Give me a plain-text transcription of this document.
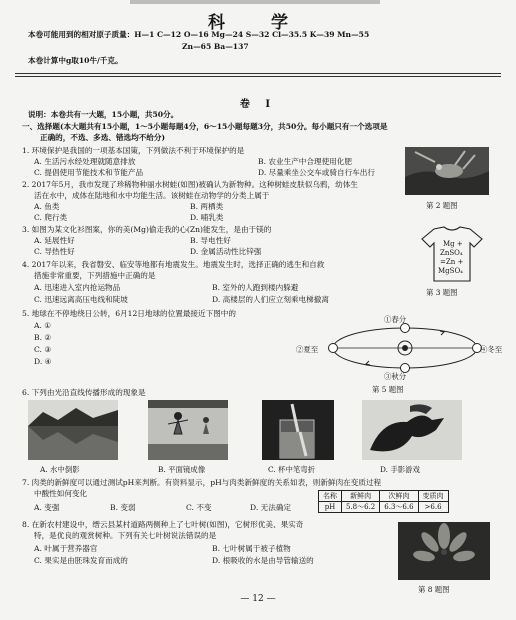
科 学
本卷可能用到的相对原子质量：H—1 C—12 O—16 Mg—24 S—32 Cl—35.5 K—39 Mn—55
Zn—65 Ba—137
本卷计算中g取10牛/千克。
卷 Ⅰ
说明：本卷共有一大题，15小题，共50分。
一、选择题(本大题共有15小题，1～5小题每题4分，6～15小题每题3分，共50分。每小题只有一个选项是
正确的，不选、多选、错选均不给分)
1. 环境保护是我国的一项基本国策，下列做法不利于环境保护的是
A. 生活污水经处理就随意排放	B. 农业生产中合理使用化肥
C. 提倡使用节能技术和节能产品	D. 尽量乘坐公交车或骑自行车出行
2. 2017年5月，我市发现了珍稀物种丽水树蛙(如图)被确认为新物种。这种树蛙皮肤似乌鸦，幼体生
活在水中，成体在陆地和水中均能生活。该树蛙在动物学的分类上属于
A. 鱼类	B. 两栖类
C. 爬行类	D. 哺乳类
第 2 题图
3. 如图为某文化衫图案，你的美(Mg)偷走我的心(Zn)能发生，是由于镁的
A. 延展性好	B. 导电性好
C. 导热性好	D. 金属活动性比锌强
Mg +
ZnSO₄
=Zn +
MgSO₄
第 3 题图
4. 2017年以来，我省磐安、临安等地都有地震发生。地震发生时，选择正确的逃生和自救
措施非常重要，下列措施中正确的是
A. 迅速进入室内抢运物品	B. 室外的人跑到楼内躲避
C. 迅速远离高压电线和陡坡	D. 高楼层的人们应立刻乘电梯撤离
5. 地球在不停地绕日公转，6月12日地球的位置最接近下图中的
A. ①
B. ②
C. ③
D. ④
①春分
②夏至
③秋分
④冬至
第 5 题图
6. 下列由光沿直线传播形成的现象是
A. 水中倒影	B. 平面镜成像	C. 杯中笔弯折	D. 手影游戏
7. 肉类的新鲜度可以通过测试pH来判断。有资料显示，pH与肉类新鲜度的关系如表，则新鲜肉在变质过程
中酸性如何变化
A. 变强	B. 变弱	C. 不变	D. 无法确定
名称	新鲜肉	次鲜肉	变质肉
pH	5.8～6.2	6.3～6.6	>6.6
8. 在新农村建设中，缙云县某村道路两侧种上了七叶树(如图)，它树形优美、果实奇
特，是优良的观赏树种。下列有关七叶树说法错误的是
A. 叶属于营养器官	B. 七叶树属于被子植物
C. 果实是由胚珠发育而成的	D. 根吸收的水是由导管输送的
第 8 题图
— 12 —
